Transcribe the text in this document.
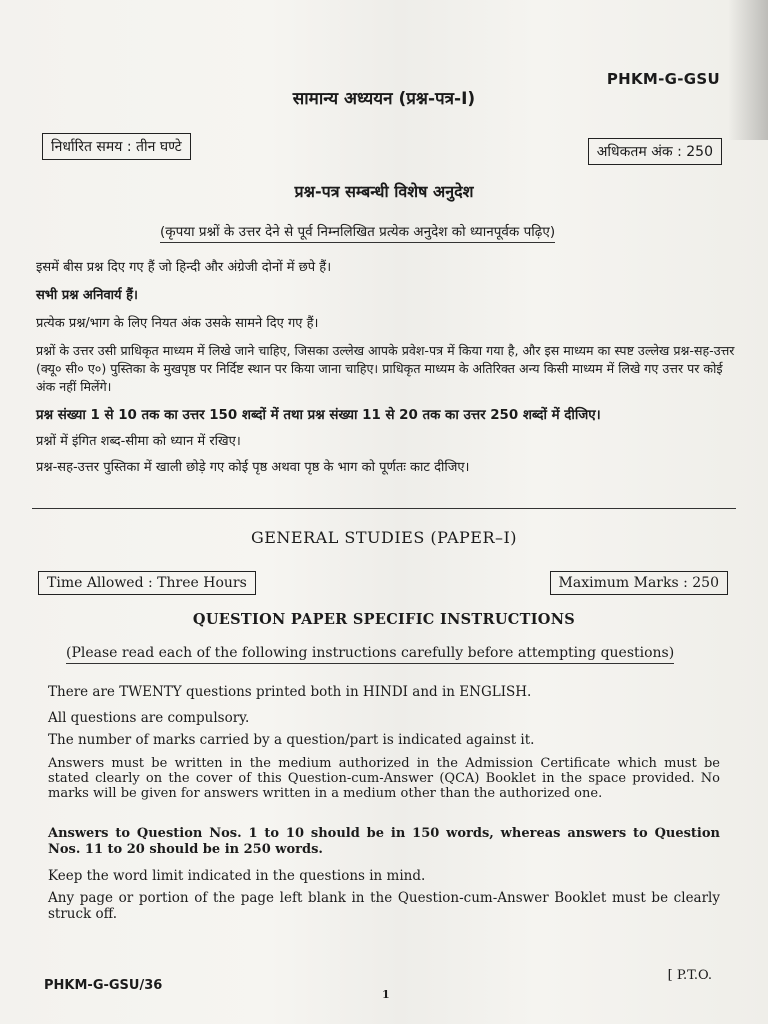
PHKM-G-GSU
सामान्य अध्ययन (प्रश्न-पत्र-I)
निर्धारित समय : तीन घण्टे	अधिकतम अंक : 250
प्रश्न-पत्र सम्बन्धी विशेष अनुदेश
(कृपया प्रश्नों के उत्तर देने से पूर्व निम्नलिखित प्रत्येक अनुदेश को ध्यानपूर्वक पढ़िए)
इसमें बीस प्रश्न दिए गए हैं जो हिन्दी और अंग्रेजी दोनों में छपे हैं।
सभी प्रश्न अनिवार्य हैं।
प्रत्येक प्रश्न/भाग के लिए नियत अंक उसके सामने दिए गए हैं।
प्रश्नों के उत्तर उसी प्राधिकृत माध्यम में लिखे जाने चाहिए, जिसका उल्लेख आपके प्रवेश-पत्र में किया गया है, और इस माध्यम का स्पष्ट उल्लेख प्रश्न-सह-उत्तर (क्यू० सी० ए०) पुस्तिका के मुखपृष्ठ पर निर्दिष्ट स्थान पर किया जाना चाहिए। प्राधिकृत माध्यम के अतिरिक्त अन्य किसी माध्यम में लिखे गए उत्तर पर कोई अंक नहीं मिलेंगे।
प्रश्न संख्या 1 से 10 तक का उत्तर 150 शब्दों में तथा प्रश्न संख्या 11 से 20 तक का उत्तर 250 शब्दों में दीजिए।
प्रश्नों में इंगित शब्द-सीमा को ध्यान में रखिए।
प्रश्न-सह-उत्तर पुस्तिका में खाली छोड़े गए कोई पृष्ठ अथवा पृष्ठ के भाग को पूर्णतः काट दीजिए।
GENERAL STUDIES (PAPER–I)
Time Allowed : Three Hours	Maximum Marks : 250
QUESTION PAPER SPECIFIC INSTRUCTIONS
(Please read each of the following instructions carefully before attempting questions)
There are TWENTY questions printed both in HINDI and in ENGLISH.
All questions are compulsory.
The number of marks carried by a question/part is indicated against it.
Answers must be written in the medium authorized in the Admission Certificate which must be stated clearly on the cover of this Question-cum-Answer (QCA) Booklet in the space provided. No marks will be given for answers written in a medium other than the authorized one.
Answers to Question Nos. 1 to 10 should be in 150 words, whereas answers to Question Nos. 11 to 20 should be in 250 words.
Keep the word limit indicated in the questions in mind.
Any page or portion of the page left blank in the Question-cum-Answer Booklet must be clearly struck off.
PHKM-G-GSU/36
1
[ P.T.O.
